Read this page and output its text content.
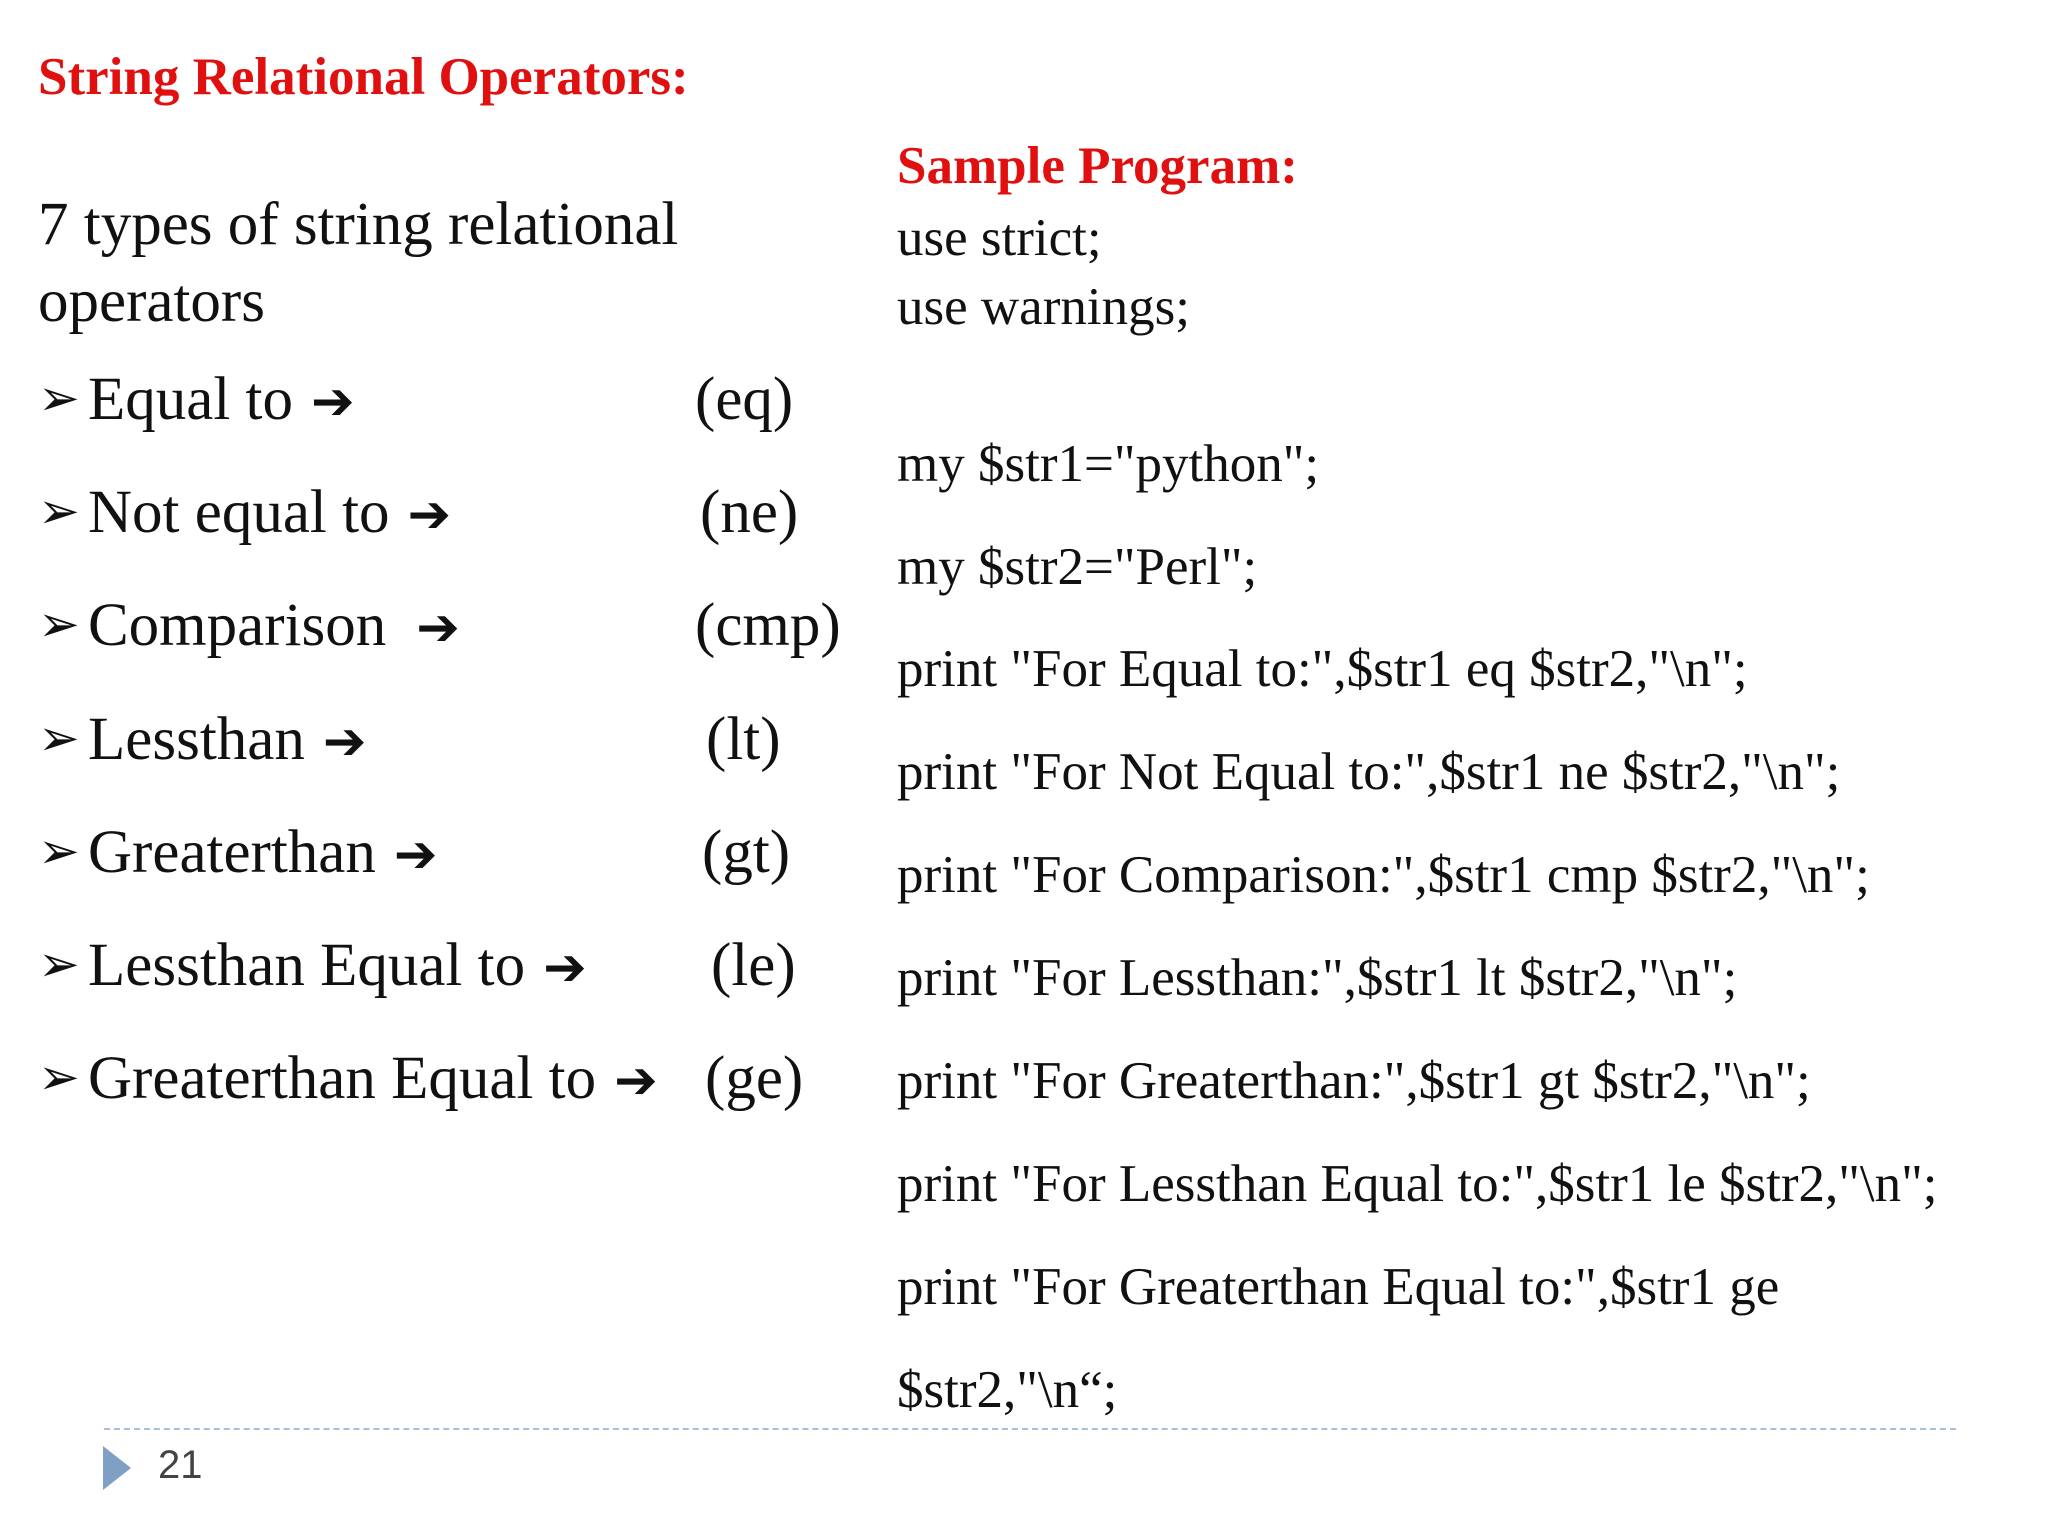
String Relational Operators:
7 types of string relational operators
➢ Equal to ➔	(eq)
➢ Not equal to ➔	(ne)
➢ Comparison ➔	(cmp)
➢ Lessthan ➔	(lt)
➢ Greaterthan ➔	(gt)
➢ Lessthan Equal to ➔ (le)
➢ Greaterthan Equal to ➔ (ge)
Sample Program:
use strict;
use warnings;
my $str1="python";
my $str2="Perl";
print "For Equal to:",$str1 eq $str2,"\n";
print "For Not Equal to:",$str1 ne $str2,"\n";
print "For Comparison:",$str1 cmp $str2,"\n";
print "For Lessthan:",$str1 lt $str2,"\n";
print "For Greaterthan:",$str1 gt $str2,"\n";
print "For Lessthan Equal to:",$str1 le $str2,"\n";
print "For Greaterthan Equal to:",$str1 ge
$str2,"\n“;
21
